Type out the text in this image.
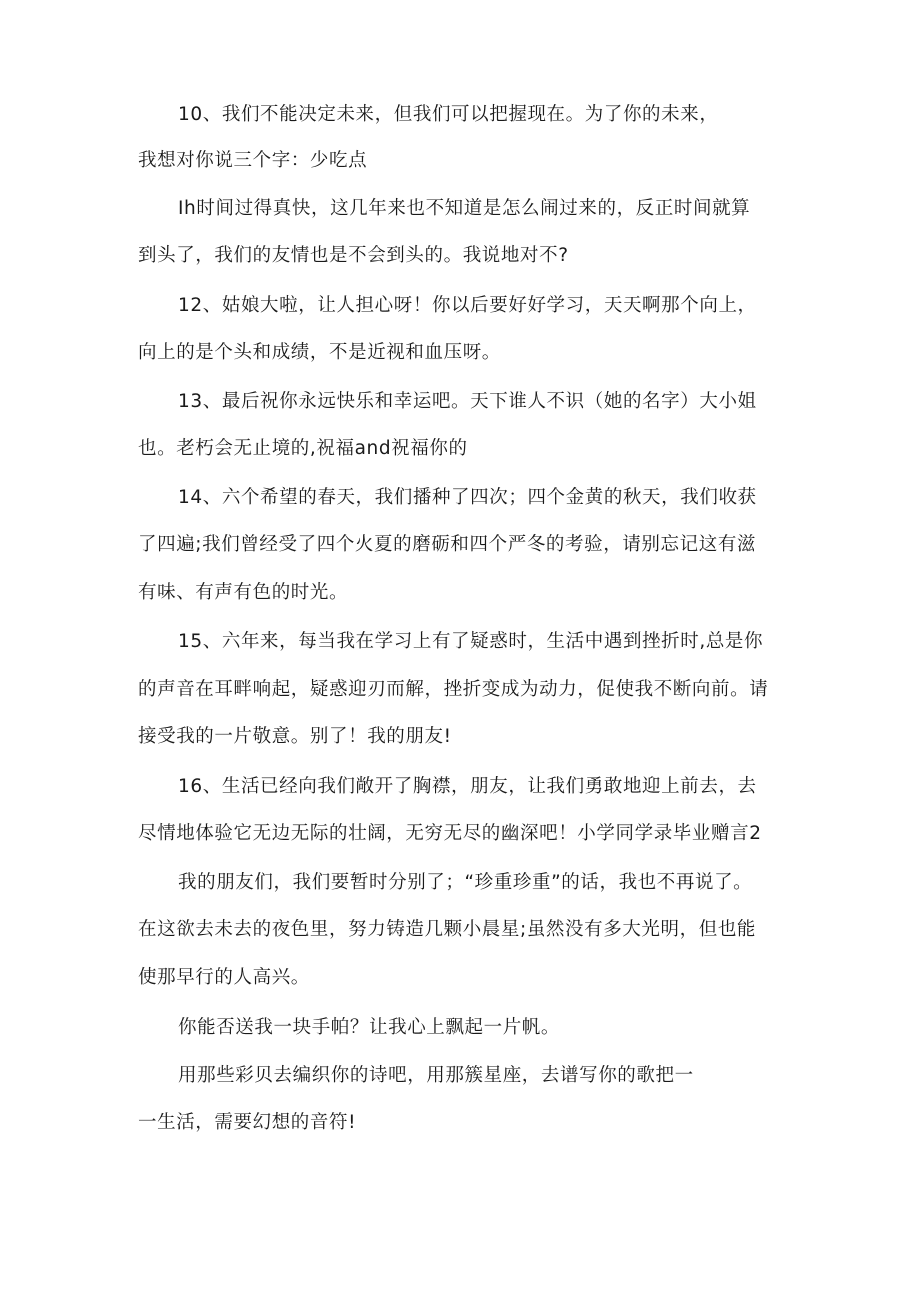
10、我们不能决定未来，但我们可以把握现在。为了你的未来，
我想对你说三个字：少吃点
Ih时间过得真快，这几年来也不知道是怎么闹过来的，反正时间就算
到头了，我们的友情也是不会到头的。我说地对不?
12、姑娘大啦，让人担心呀！你以后要好好学习，天天啊那个向上，
向上的是个头和成绩，不是近视和血压呀。
13、最后祝你永远快乐和幸运吧。天下谁人不识（她的名字）大小姐
也。老朽会无止境的,祝福and祝福你的
14、六个希望的春天，我们播种了四次；四个金黄的秋天，我们收获
了四遍;我们曾经受了四个火夏的磨砺和四个严冬的考验，请别忘记这有滋
有味、有声有色的时光。
15、六年来，每当我在学习上有了疑惑时，生活中遇到挫折时,总是你
的声音在耳畔响起，疑惑迎刃而解，挫折变成为动力，促使我不断向前。请
接受我的一片敬意。别了！我的朋友!
16、生活已经向我们敞开了胸襟，朋友，让我们勇敢地迎上前去，去
尽情地体验它无边无际的壮阔，无穷无尽的幽深吧！小学同学录毕业赠言2
我的朋友们，我们要暂时分别了；“珍重珍重”的话，我也不再说了。
在这欲去未去的夜色里，努力铸造几颗小晨星;虽然没有多大光明，但也能
使那早行的人高兴。
你能否送我一块手帕？让我心上飘起一片帆。
用那些彩贝去编织你的诗吧，用那簇星座，去谱写你的歌把一
一生活，需要幻想的音符!
